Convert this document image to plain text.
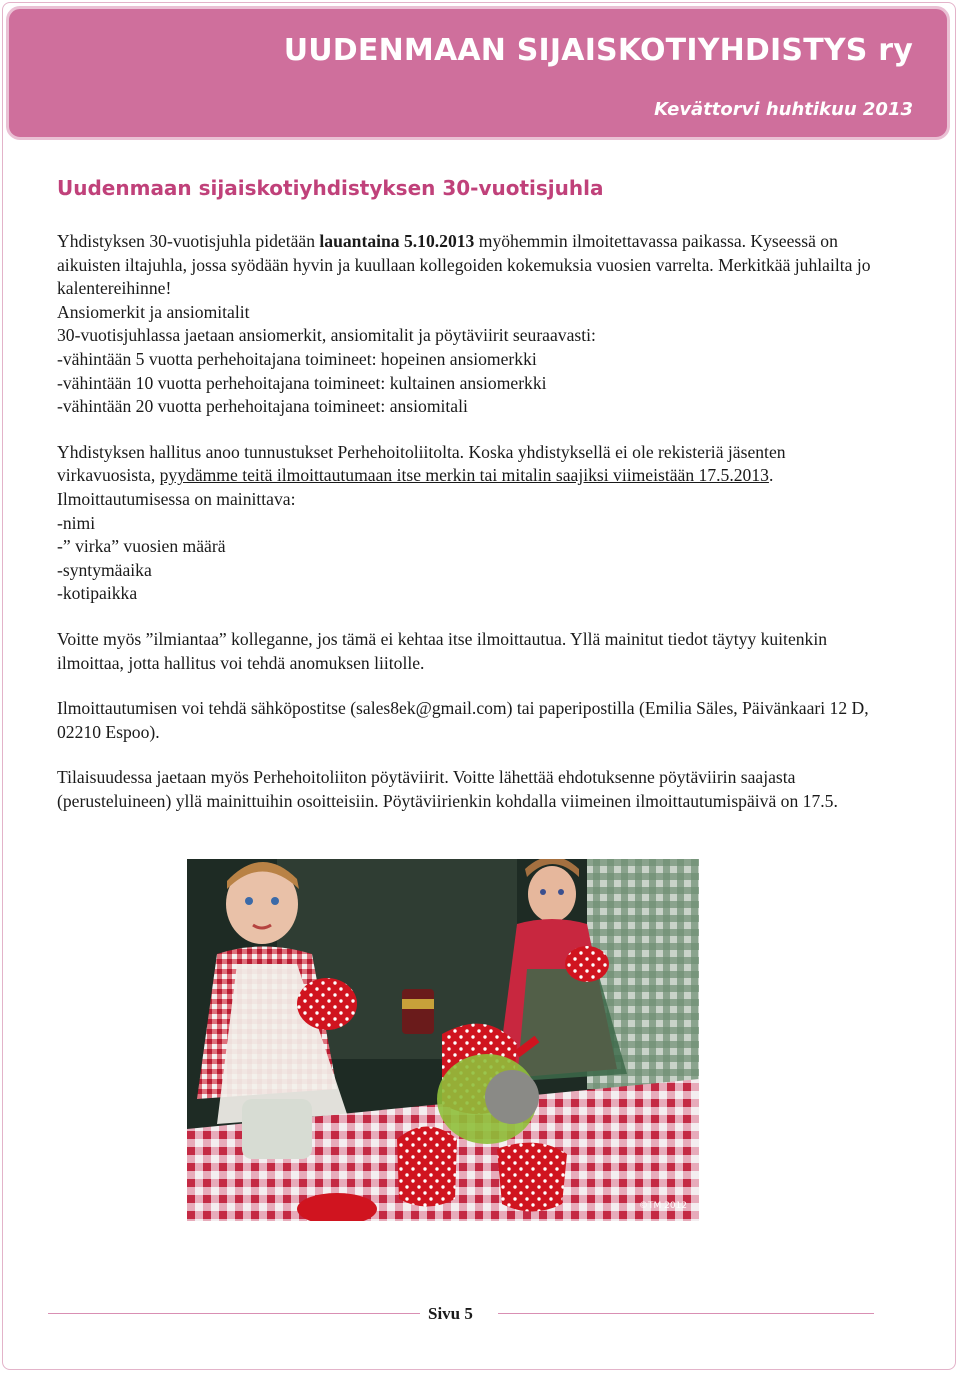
UUDENMAAN SIJAISKOTIYHDISTYS ry
Kevättorvi huhtikuu 2013
Uudenmaan sijaiskotiyhdistyksen 30-vuotisjuhla

Yhdistyksen 30-vuotisjuhla pidetään lauantaina 5.10.2013 myöhemmin ilmoitettavassa paikassa. Kyseessä on aikuisten iltajuhla, jossa syödään hyvin ja kuullaan kollegoiden kokemuksia vuosien varrelta. Merkitkää juhlailta jo kalentereihinne!

Ansiomerkit ja ansiomitalit

30-vuotisjuhlassa jaetaan ansiomerkit, ansiomitalit ja pöytäviirit seuraavasti:

-vähintään 5 vuotta perhehoitajana toimineet: hopeinen ansiomerkki

-vähintään 10 vuotta perhehoitajana toimineet: kultainen ansiomerkki

-vähintään 20 vuotta perhehoitajana toimineet: ansiomitali

Yhdistyksen hallitus anoo tunnustukset Perhehoitoliitolta. Koska yhdistyksellä ei ole rekisteriä jäsenten virkavuosista, pyydämme teitä ilmoittautumaan itse merkin tai mitalin saajiksi viimeistään 17.5.2013. Ilmoittautumisessa on mainittava:

-nimi

-” virka” vuosien määrä

-syntymäaika

-kotipaikka

Voitte myös ”ilmiantaa” kolleganne, jos tämä ei kehtaa itse ilmoittautua. Yllä mainitut tiedot täytyy kuitenkin ilmoittaa, jotta hallitus voi tehdä anomuksen liitolle.

Ilmoittautumisen voi tehdä sähköpostitse (sales8ek@gmail.com) tai paperipostilla (Emilia Säles, Päivänkaari 12 D, 02210 Espoo).

Tilaisuudessa jaetaan myös Perhehoitoliiton pöytäviirit. Voitte lähettää ehdotuksenne pöytäviirin saajasta (perusteluineen) yllä mainittuihin osoitteisiin. Pöytäviirienkin kohdalla viimeinen ilmoittautumispäivä on 17.5.

©TM 2012
Sivu 5
